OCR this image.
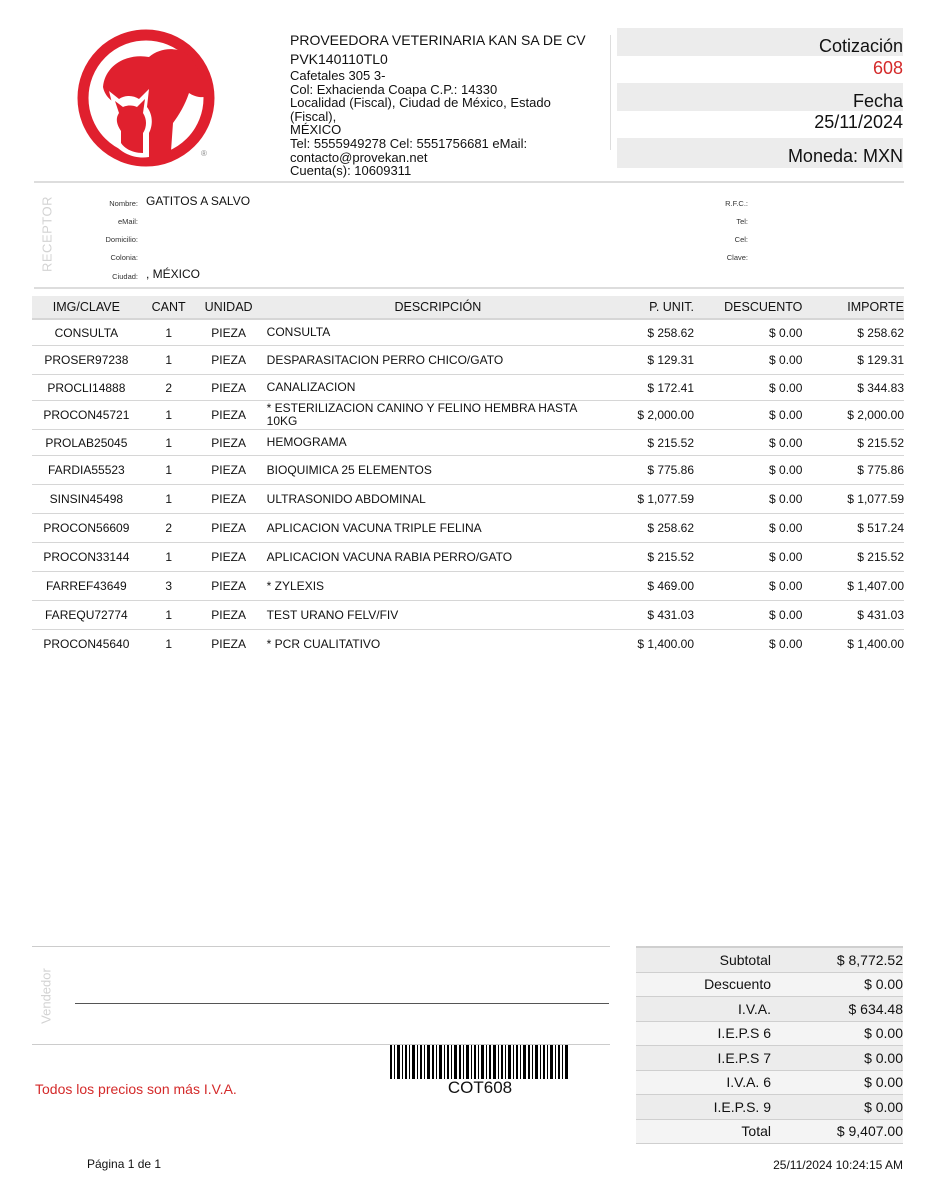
®
PROVEEDORA VETERINARIA KAN SA DE CV
PVK140110TL0
Cafetales 305 3-
Col: Exhacienda Coapa C.P.: 14330
Localidad (Fiscal), Ciudad de México, Estado (Fiscal),
MÉXICO
Tel: 5555949278 Cel: 5551756681 eMail:
contacto@provekan.net
Cuenta(s): 10609311
Cotización
608
Fecha
25/11/2024
Moneda: MXN
RECEPTOR	Nombre: GATITOS A SALVO
eMail:
Domicilio:
Colonia:
Ciudad: , MÉXICO
R.F.C.:
Tel:
Cel:
Clave:
IMG/CLAVE	CANT	UNIDAD	DESCRIPCIÓN	P. UNIT.	DESCUENTO	IMPORTE
CONSULTA	1	PIEZA	CONSULTA	$ 258.62	$ 0.00	$ 258.62
PROSER97238	1	PIEZA	DESPARASITACION PERRO CHICO/GATO	$ 129.31	$ 0.00	$ 129.31
PROCLI14888	2	PIEZA	CANALIZACION	$ 172.41	$ 0.00	$ 344.83
PROCON45721	1	PIEZA	* ESTERILIZACION CANINO Y FELINO HEMBRA HASTA 10KG	$ 2,000.00	$ 0.00	$ 2,000.00
PROLAB25045	1	PIEZA	HEMOGRAMA	$ 215.52	$ 0.00	$ 215.52
FARDIA55523	1	PIEZA	BIOQUIMICA 25 ELEMENTOS	$ 775.86	$ 0.00	$ 775.86
SINSIN45498	1	PIEZA	ULTRASONIDO ABDOMINAL	$ 1,077.59	$ 0.00	$ 1,077.59
PROCON56609	2	PIEZA	APLICACION VACUNA TRIPLE FELINA	$ 258.62	$ 0.00	$ 517.24
PROCON33144	1	PIEZA	APLICACION VACUNA RABIA PERRO/GATO	$ 215.52	$ 0.00	$ 215.52
FARREF43649	3	PIEZA	* ZYLEXIS	$ 469.00	$ 0.00	$ 1,407.00
FAREQU72774	1	PIEZA	TEST URANO FELV/FIV	$ 431.03	$ 0.00	$ 431.03
PROCON45640	1	PIEZA	* PCR CUALITATIVO	$ 1,400.00	$ 0.00	$ 1,400.00
Vendedor
Todos los precios son más I.V.A.	COT608
Subtotal	$ 8,772.52
Descuento	$ 0.00
I.V.A.	$ 634.48
I.E.P.S 6	$ 0.00
I.E.P.S 7	$ 0.00
I.V.A. 6	$ 0.00
I.E.P.S. 9	$ 0.00
Total	$ 9,407.00
Página 1 de 1	25/11/2024 10:24:15 AM
